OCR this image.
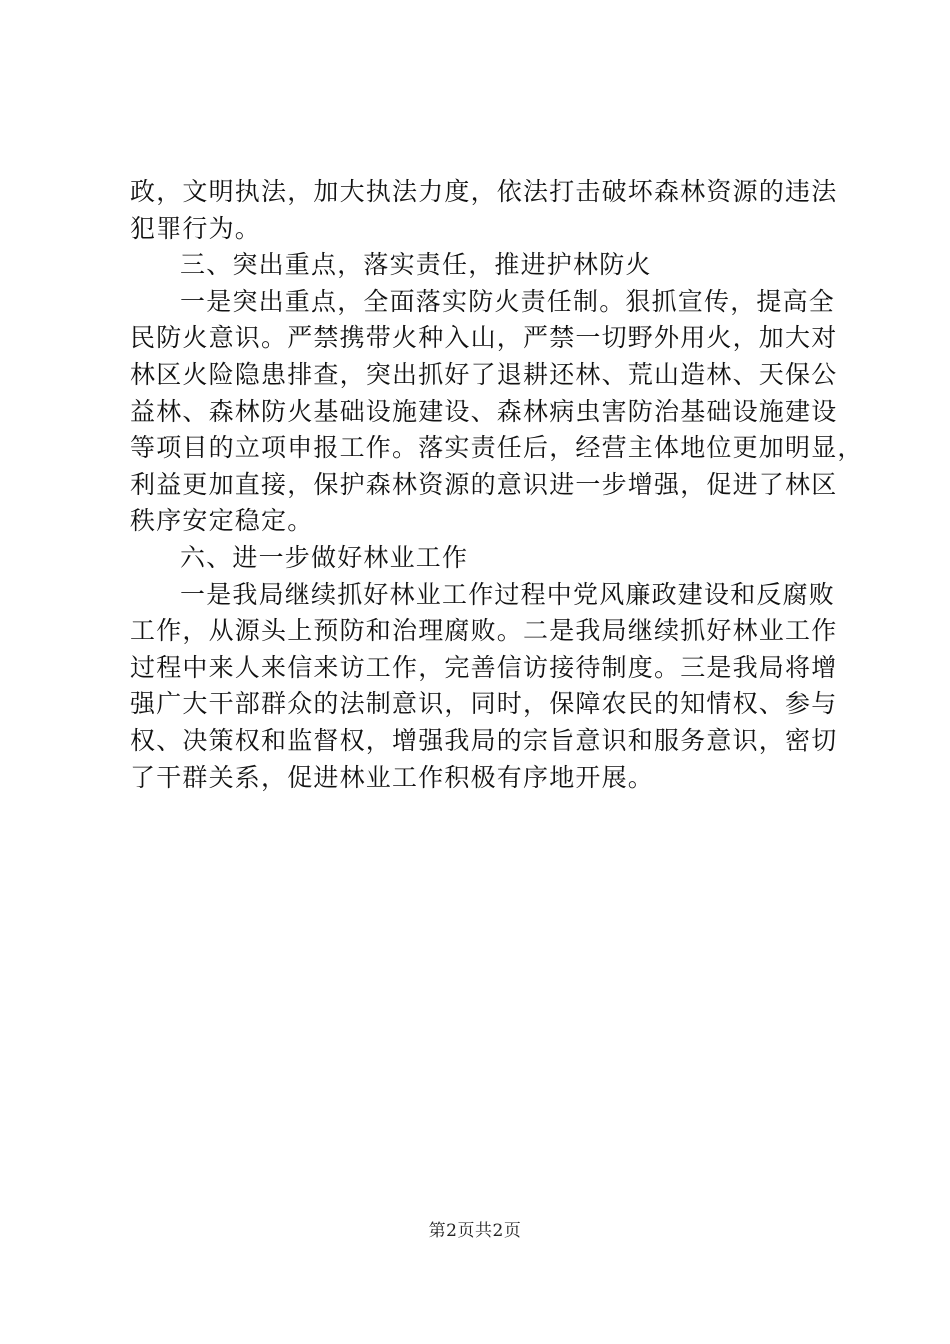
政，文明执法，加大执法力度，依法打击破坏森林资源的违法
犯罪行为。
三、突出重点，落实责任，推进护林防火
一是突出重点，全面落实防火责任制。狠抓宣传，提高全
民防火意识。严禁携带火种入山，严禁一切野外用火，加大对
林区火险隐患排查，突出抓好了退耕还林、荒山造林、天保公
益林、森林防火基础设施建设、森林病虫害防治基础设施建设
等项目的立项申报工作。落实责任后，经营主体地位更加明显，
利益更加直接，保护森林资源的意识进一步增强，促进了林区
秩序安定稳定。
六、进一步做好林业工作
一是我局继续抓好林业工作过程中党风廉政建设和反腐败
工作，从源头上预防和治理腐败。二是我局继续抓好林业工作
过程中来人来信来访工作，完善信访接待制度。三是我局将增
强广大干部群众的法制意识，同时，保障农民的知情权、参与
权、决策权和监督权，增强我局的宗旨意识和服务意识，密切
了干群关系，促进林业工作积极有序地开展。
第2页共2页
